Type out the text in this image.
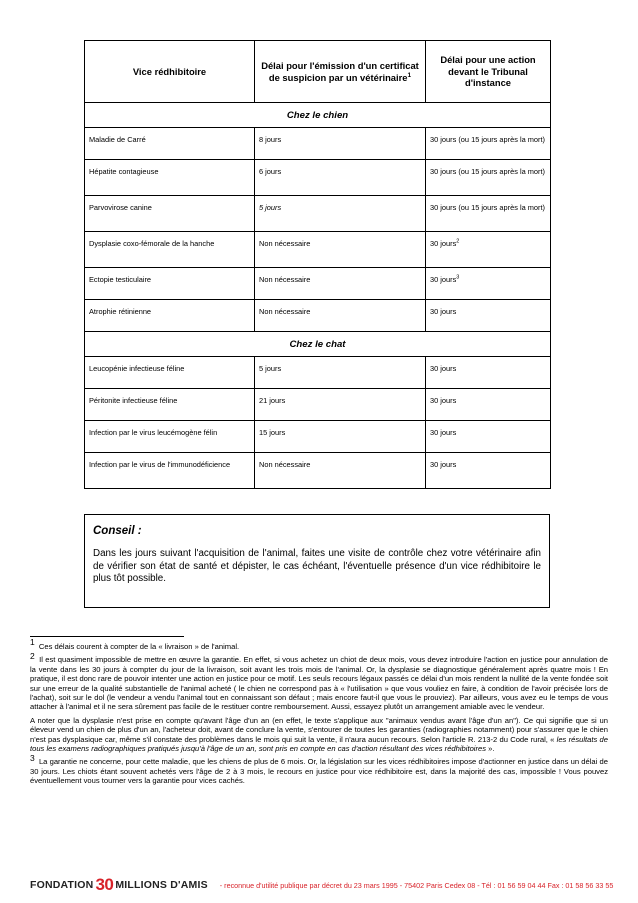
Vice rédhibitoire	Délai pour l'émission d'un certificat de suspicion par un vétérinaire$^1$	Délai pour une action devant le Tribunal d'instance
Chez le chien		
Maladie de Carré	8 jours	30 jours (ou 15 jours après la mort)
Hépatite contagieuse	6 jours	30 jours (ou 15 jours après la mort)
Parvovirose canine	5 jours	30 jours (ou 15 jours après la mort)
Dysplasie coxo-fémorale de la hanche	Non nécessaire	30 jours$^2$
Ectopie testiculaire	Non nécessaire	30 jours$^3$
Atrophie rétinienne	Non nécessaire	30 jours
Chez le chat		
Leucopénie infectieuse féline	5 jours	30 jours
Péritonite infectieuse féline	21 jours	30 jours
Infection par le virus leucémogène félin	15 jours	30 jours
Infection par le virus de l'immunodéficience	Non nécessaire	30 jours

Conseil :

Dans les jours suivant l'acquisition de l'animal, faites une visite de contrôle chez votre vétérinaire afin de vérifier son état de santé et dépister, le cas échéant, l'éventuelle présence d'un vice rédhibitoire le plus tôt possible.

1 Ces délais courent à compter de la « livraison » de l'animal.

2 Il est quasiment impossible de mettre en œuvre la garantie. En effet, si vous achetez un chiot de deux mois, vous devez introduire l'action en justice pour annulation de la vente dans les 30 jours à compter du jour de la livraison, soit avant les trois mois de l'animal. Or, la dysplasie se diagnostique généralement après quatre mois ! En pratique, il est donc rare de pouvoir intenter une action en justice pour ce motif. Les seuls recours légaux passés ce délai d'un mois rendent la nullité de la vente fondée soit sur une erreur de la qualité substantielle de l'animal acheté ( le chien ne correspond pas à « l'utilisation » que vous vouliez en faire, à condition de l'avoir précisée lors de l'achat), soit sur le dol (le vendeur a vendu l'animal tout en connaissant son défaut ; mais encore faut-il que vous le prouviez). Par ailleurs, vous avez eu le temps de vous attacher à l'animal et il ne sera sûrement pas facile de le restituer contre remboursement. Aussi, essayez plutôt un arrangement amiable avec le vendeur.

A noter que la dysplasie n'est prise en compte qu'avant l'âge d'un an (en effet, le texte s'applique aux "animaux vendus avant l'âge d'un an"). Ce qui signifie que si un éleveur vend un chien de plus d'un an, l'acheteur doit, avant de conclure la vente, s'entourer de toutes les garanties (radiographies notamment) pour s'assurer que le chien n'est pas dysplasique car, même s'il constate des problèmes dans le mois qui suit la vente, il n'aura aucun recours. Selon l'article R. 213-2 du Code rural, « les résultats de tous les examens radiographiques pratiqués jusqu'à l'âge de un an, sont pris en compte en cas d'action résultant des vices rédhibitoires ».

3 La garantie ne concerne, pour cette maladie, que les chiens de plus de 6 mois. Or, la législation sur les vices rédhibitoires impose d'actionner en justice dans un délai de 30 jours. Les chiots étant souvent achetés vers l'âge de 2 à 3 mois, le recours en justice pour vice rédhibitoire est, dans la majorité des cas, impossible ! Vous pouvez éventuellement vous tourner vers la garantie pour vices cachés.

FONDATION 30 MILLIONS D'AMIS - reconnue d'utilité publique par décret du 23 mars 1995 - 75402 Paris Cedex 08 - Tél : 01 56 59 04 44 Fax : 01 58 56 33 55
